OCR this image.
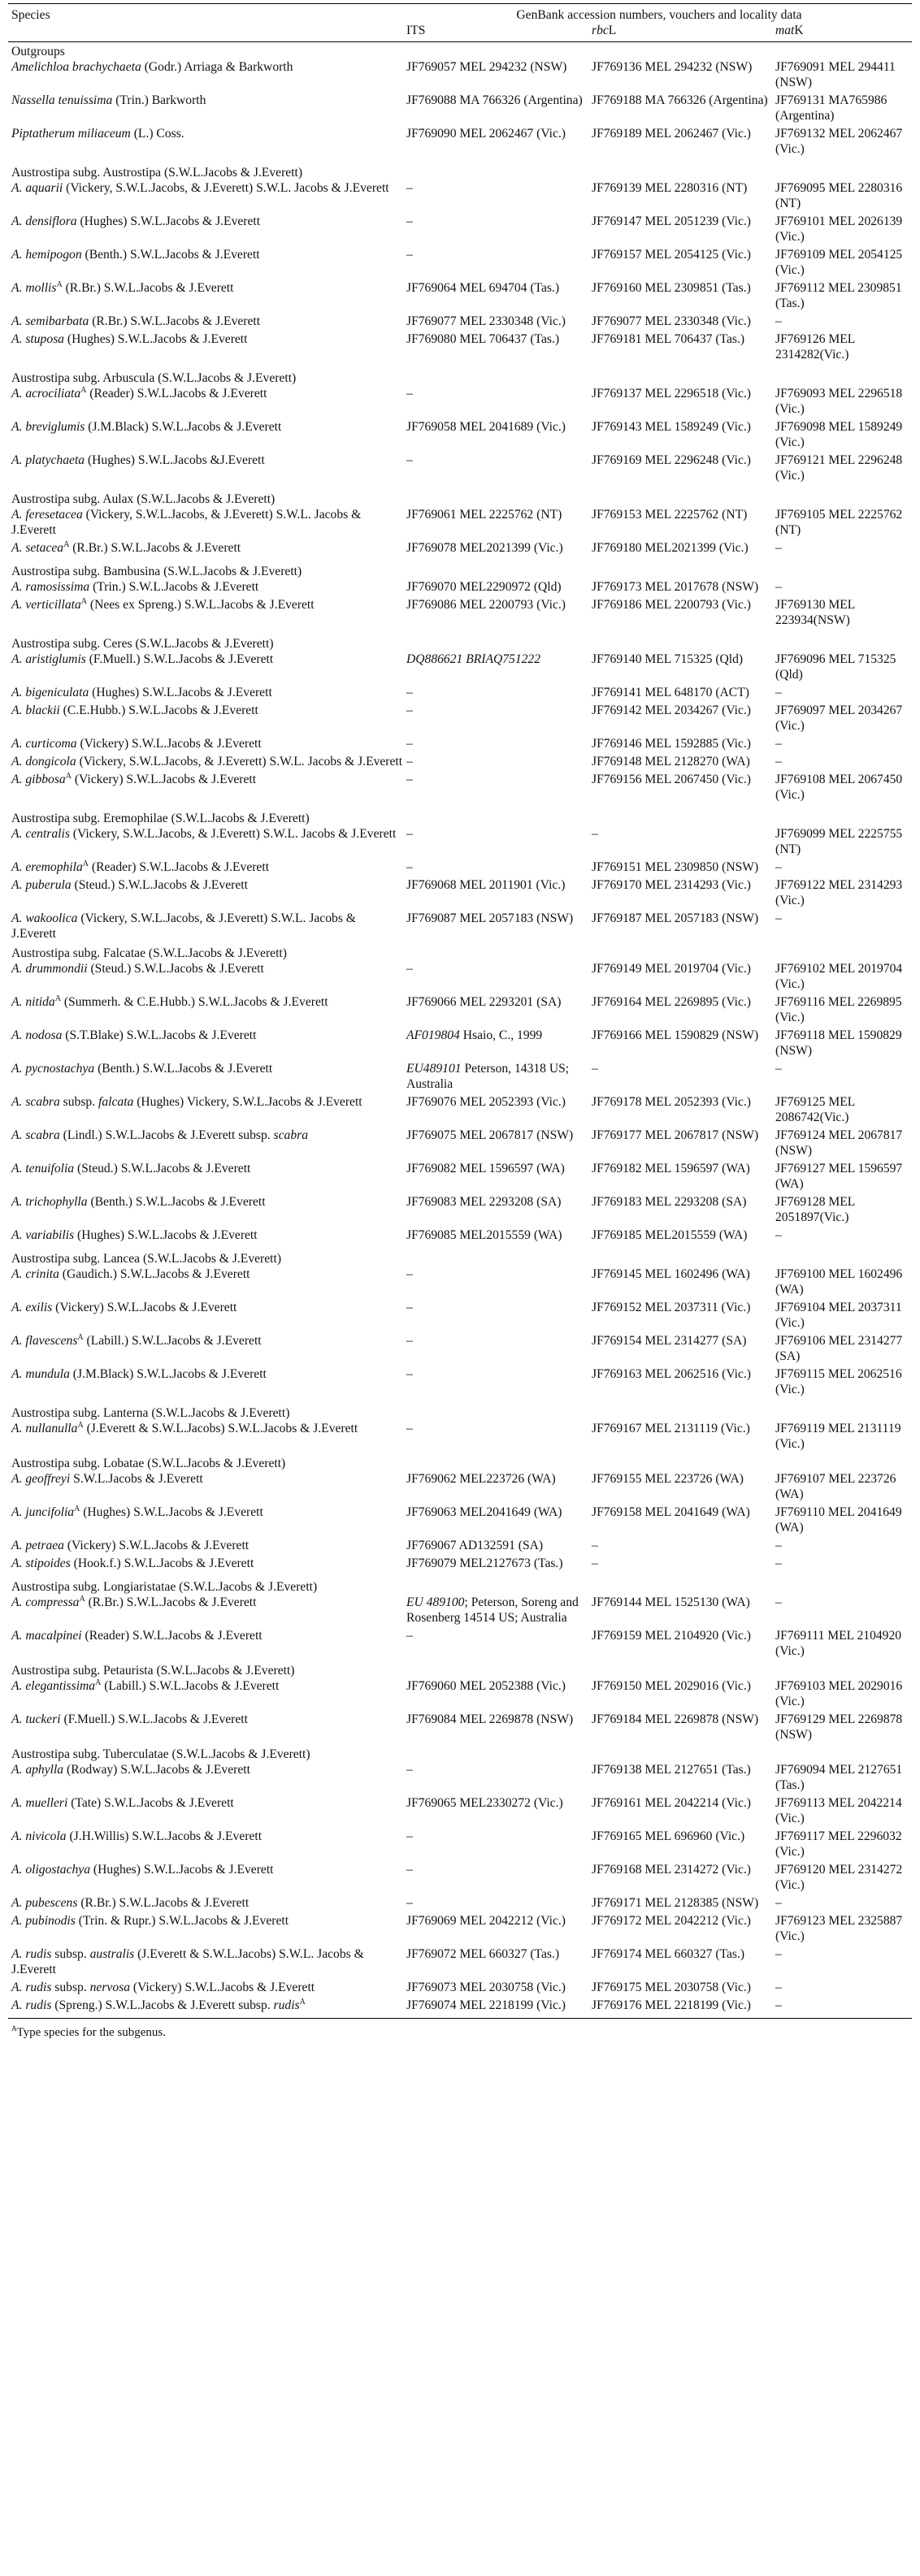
Species	GenBank accession numbers, vouchers and locality data		
	ITS	rbcL	matK
Outgroups			
Amelichloa brachychaeta (Godr.) Arriaga & Barkworth	JF769057 MEL 294232 (NSW)	JF769136 MEL 294232 (NSW)	JF769091 MEL 294411 (NSW)
Nassella tenuissima (Trin.) Barkworth	JF769088 MA 766326 (Argentina)	JF769188 MA 766326 (Argentina)	JF769131 MA765986 (Argentina)
Piptatherum miliaceum (L.) Coss.	JF769090 MEL 2062467 (Vic.)	JF769189 MEL 2062467 (Vic.)	JF769132 MEL 2062467 (Vic.)
Austrostipa subg. Austrostipa (S.W.L.Jacobs & J.Everett)			
A. aquarii (Vickery, S.W.L.Jacobs, & J.Everett) S.W.L. Jacobs & J.Everett	–	JF769139 MEL 2280316 (NT)	JF769095 MEL 2280316 (NT)
A. densiflora (Hughes) S.W.L.Jacobs & J.Everett	–	JF769147 MEL 2051239 (Vic.)	JF769101 MEL 2026139 (Vic.)
A. hemipogon (Benth.) S.W.L.Jacobs & J.Everett	–	JF769157 MEL 2054125 (Vic.)	JF769109 MEL 2054125 (Vic.)
A. mollis$^A$ (R.Br.) S.W.L.Jacobs & J.Everett	JF769064 MEL 694704 (Tas.)	JF769160 MEL 2309851 (Tas.)	JF769112 MEL 2309851 (Tas.)
A. semibarbata (R.Br.) S.W.L.Jacobs & J.Everett	JF769077 MEL 2330348 (Vic.)	JF769077 MEL 2330348 (Vic.)	–
A. stuposa (Hughes) S.W.L.Jacobs & J.Everett	JF769080 MEL 706437 (Tas.)	JF769181 MEL 706437 (Tas.)	JF769126 MEL 2314282(Vic.)
Austrostipa subg. Arbuscula (S.W.L.Jacobs & J.Everett)			
A. acrociliata$^A$ (Reader) S.W.L.Jacobs & J.Everett	–	JF769137 MEL 2296518 (Vic.)	JF769093 MEL 2296518 (Vic.)
A. breviglumis (J.M.Black) S.W.L.Jacobs & J.Everett	JF769058 MEL 2041689 (Vic.)	JF769143 MEL 1589249 (Vic.)	JF769098 MEL 1589249 (Vic.)
A. platychaeta (Hughes) S.W.L.Jacobs &J.Everett	–	JF769169 MEL 2296248 (Vic.)	JF769121 MEL 2296248 (Vic.)
Austrostipa subg. Aulax (S.W.L.Jacobs & J.Everett)			
A. feresetacea (Vickery, S.W.L.Jacobs, & J.Everett) S.W.L. Jacobs & J.Everett	JF769061 MEL 2225762 (NT)	JF769153 MEL 2225762 (NT)	JF769105 MEL 2225762 (NT)
A. setacea$^A$ (R.Br.) S.W.L.Jacobs & J.Everett	JF769078 MEL2021399 (Vic.)	JF769180 MEL2021399 (Vic.)	–
Austrostipa subg. Bambusina (S.W.L.Jacobs & J.Everett)			
A. ramosissima (Trin.) S.W.L.Jacobs & J.Everett	JF769070 MEL2290972 (Qld)	JF769173 MEL 2017678 (NSW)	–
A. verticillata$^A$ (Nees ex Spreng.) S.W.L.Jacobs & J.Everett	JF769086 MEL 2200793 (Vic.)	JF769186 MEL 2200793 (Vic.)	JF769130 MEL 223934(NSW)
Austrostipa subg. Ceres (S.W.L.Jacobs & J.Everett)			
A. aristiglumis (F.Muell.) S.W.L.Jacobs & J.Everett	DQ886621 BRIAQ751222	JF769140 MEL 715325 (Qld)	JF769096 MEL 715325 (Qld)
A. bigeniculata (Hughes) S.W.L.Jacobs & J.Everett	–	JF769141 MEL 648170 (ACT)	–
A. blackii (C.E.Hubb.) S.W.L.Jacobs & J.Everett	–	JF769142 MEL 2034267 (Vic.)	JF769097 MEL 2034267 (Vic.)
A. curticoma (Vickery) S.W.L.Jacobs & J.Everett	–	JF769146 MEL 1592885 (Vic.)	–
A. dongicola (Vickery, S.W.L.Jacobs, & J.Everett) S.W.L. Jacobs & J.Everett	–	JF769148 MEL 2128270 (WA)	–
A. gibbosa$^A$ (Vickery) S.W.L.Jacobs & J.Everett	–	JF769156 MEL 2067450 (Vic.)	JF769108 MEL 2067450 (Vic.)
Austrostipa subg. Eremophilae (S.W.L.Jacobs & J.Everett)			
A. centralis (Vickery, S.W.L.Jacobs, & J.Everett) S.W.L. Jacobs & J.Everett	–	–	JF769099 MEL 2225755 (NT)
A. eremophila$^A$ (Reader) S.W.L.Jacobs & J.Everett	–	JF769151 MEL 2309850 (NSW)	–
A. puberula (Steud.) S.W.L.Jacobs & J.Everett	JF769068 MEL 2011901 (Vic.)	JF769170 MEL 2314293 (Vic.)	JF769122 MEL 2314293 (Vic.)
A. wakoolica (Vickery, S.W.L.Jacobs, & J.Everett) S.W.L. Jacobs & J.Everett	JF769087 MEL 2057183 (NSW)	JF769187 MEL 2057183 (NSW)	–
Austrostipa subg. Falcatae (S.W.L.Jacobs & J.Everett)			
A. drummondii (Steud.) S.W.L.Jacobs & J.Everett	–	JF769149 MEL 2019704 (Vic.)	JF769102 MEL 2019704 (Vic.)
A. nitida$^A$ (Summerh. & C.E.Hubb.) S.W.L.Jacobs & J.Everett	JF769066 MEL 2293201 (SA)	JF769164 MEL 2269895 (Vic.)	JF769116 MEL 2269895 (Vic.)
A. nodosa (S.T.Blake) S.W.L.Jacobs & J.Everett	AF019804 Hsaio, C., 1999	JF769166 MEL 1590829 (NSW)	JF769118 MEL 1590829 (NSW)
A. pycnostachya (Benth.) S.W.L.Jacobs & J.Everett	EU489101 Peterson, 14318 US; Australia	–	–
A. scabra subsp. falcata (Hughes) Vickery, S.W.L.Jacobs & J.Everett	JF769076 MEL 2052393 (Vic.)	JF769178 MEL 2052393 (Vic.)	JF769125 MEL 2086742(Vic.)
A. scabra (Lindl.) S.W.L.Jacobs & J.Everett subsp. scabra	JF769075 MEL 2067817 (NSW)	JF769177 MEL 2067817 (NSW)	JF769124 MEL 2067817 (NSW)
A. tenuifolia (Steud.) S.W.L.Jacobs & J.Everett	JF769082 MEL 1596597 (WA)	JF769182 MEL 1596597 (WA)	JF769127 MEL 1596597 (WA)
A. trichophylla (Benth.) S.W.L.Jacobs & J.Everett	JF769083 MEL 2293208 (SA)	JF769183 MEL 2293208 (SA)	JF769128 MEL 2051897(Vic.)
A. variabilis (Hughes) S.W.L.Jacobs & J.Everett	JF769085 MEL2015559 (WA)	JF769185 MEL2015559 (WA)	–
Austrostipa subg. Lancea (S.W.L.Jacobs & J.Everett)			
A. crinita (Gaudich.) S.W.L.Jacobs & J.Everett	–	JF769145 MEL 1602496 (WA)	JF769100 MEL 1602496 (WA)
A. exilis (Vickery) S.W.L.Jacobs & J.Everett	–	JF769152 MEL 2037311 (Vic.)	JF769104 MEL 2037311 (Vic.)
A. flavescens$^A$ (Labill.) S.W.L.Jacobs & J.Everett	–	JF769154 MEL 2314277 (SA)	JF769106 MEL 2314277 (SA)
A. mundula (J.M.Black) S.W.L.Jacobs & J.Everett	–	JF769163 MEL 2062516 (Vic.)	JF769115 MEL 2062516 (Vic.)
Austrostipa subg. Lanterna (S.W.L.Jacobs & J.Everett)			
A. nullanulla$^A$ (J.Everett & S.W.L.Jacobs) S.W.L.Jacobs & J.Everett	–	JF769167 MEL 2131119 (Vic.)	JF769119 MEL 2131119 (Vic.)
Austrostipa subg. Lobatae (S.W.L.Jacobs & J.Everett)			
A. geoffreyi S.W.L.Jacobs & J.Everett	JF769062 MEL223726 (WA)	JF769155 MEL 223726 (WA)	JF769107 MEL 223726 (WA)
A. juncifolia$^A$ (Hughes) S.W.L.Jacobs & J.Everett	JF769063 MEL2041649 (WA)	JF769158 MEL 2041649 (WA)	JF769110 MEL 2041649 (WA)
A. petraea (Vickery) S.W.L.Jacobs & J.Everett	JF769067 AD132591 (SA)	–	–
A. stipoides (Hook.f.) S.W.L.Jacobs & J.Everett	JF769079 MEL2127673 (Tas.)	–	–
Austrostipa subg. Longiaristatae (S.W.L.Jacobs & J.Everett)			
A. compressa$^A$ (R.Br.) S.W.L.Jacobs & J.Everett	EU 489100; Peterson, Soreng and Rosenberg 14514 US; Australia	JF769144 MEL 1525130 (WA)	–
A. macalpinei (Reader) S.W.L.Jacobs & J.Everett	–	JF769159 MEL 2104920 (Vic.)	JF769111 MEL 2104920 (Vic.)
Austrostipa subg. Petaurista (S.W.L.Jacobs & J.Everett)			
A. elegantissima$^A$ (Labill.) S.W.L.Jacobs & J.Everett	JF769060 MEL 2052388 (Vic.)	JF769150 MEL 2029016 (Vic.)	JF769103 MEL 2029016 (Vic.)
A. tuckeri (F.Muell.) S.W.L.Jacobs & J.Everett	JF769084 MEL 2269878 (NSW)	JF769184 MEL 2269878 (NSW)	JF769129 MEL 2269878 (NSW)
Austrostipa subg. Tuberculatae (S.W.L.Jacobs & J.Everett)			
A. aphylla (Rodway) S.W.L.Jacobs & J.Everett	–	JF769138 MEL 2127651 (Tas.)	JF769094 MEL 2127651 (Tas.)
A. muelleri (Tate) S.W.L.Jacobs & J.Everett	JF769065 MEL2330272 (Vic.)	JF769161 MEL 2042214 (Vic.)	JF769113 MEL 2042214 (Vic.)
A. nivicola (J.H.Willis) S.W.L.Jacobs & J.Everett	–	JF769165 MEL 696960 (Vic.)	JF769117 MEL 2296032 (Vic.)
A. oligostachya (Hughes) S.W.L.Jacobs & J.Everett	–	JF769168 MEL 2314272 (Vic.)	JF769120 MEL 2314272 (Vic.)
A. pubescens (R.Br.) S.W.L.Jacobs & J.Everett	–	JF769171 MEL 2128385 (NSW)	–
A. pubinodis (Trin. & Rupr.) S.W.L.Jacobs & J.Everett	JF769069 MEL 2042212 (Vic.)	JF769172 MEL 2042212 (Vic.)	JF769123 MEL 2325887 (Vic.)
A. rudis subsp. australis (J.Everett & S.W.L.Jacobs) S.W.L. Jacobs & J.Everett	JF769072 MEL 660327 (Tas.)	JF769174 MEL 660327 (Tas.)	–
A. rudis subsp. nervosa (Vickery) S.W.L.Jacobs & J.Everett	JF769073 MEL 2030758 (Vic.)	JF769175 MEL 2030758 (Vic.)	–
A. rudis (Spreng.) S.W.L.Jacobs & J.Everett subsp. rudis$^A$	JF769074 MEL 2218199 (Vic.)	JF769176 MEL 2218199 (Vic.)	–
$^A$Type species for the subgenus.
